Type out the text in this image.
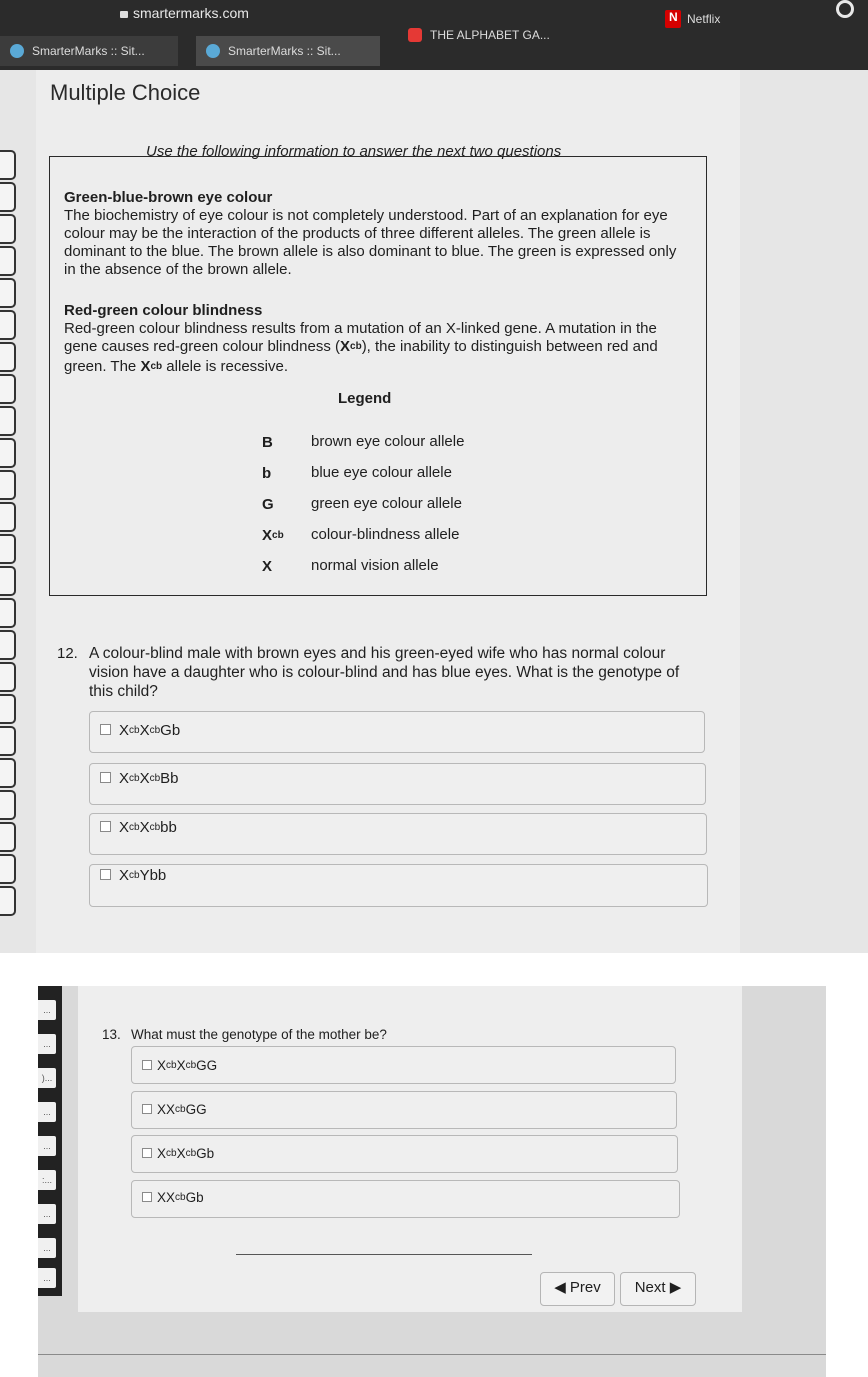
smartermarks.com
SmarterMarks :: Sit...	SmarterMarks :: Sit...
THE ALPHABET GA...
N Netflix
Multiple Choice
Use the following information to answer the next two questions
Green-blue-brown eye colour
The biochemistry of eye colour is not completely understood. Part of an explanation for eye colour may be the interaction of the products of three different alleles. The green allele is dominant to the blue. The brown allele is also dominant to blue. The green is expressed only in the absence of the brown allele.
Red-green colour blindness
Red-green colour blindness results from a mutation of an X-linked gene. A mutation in the gene causes red-green colour blindness $(X^{cb})$, the inability to distinguish between red and green. The $X^{cb}$ allele is recessive.
Legend
B	brown eye colour allele
b	blue eye colour allele
G	green eye colour allele
$X^{cb}$	colour-blindness allele
X	normal vision allele
12. A colour-blind male with brown eyes and his green-eyed wife who has normal colour vision have a daughter who is colour-blind and has blue eyes. What is the genotype of this child?
$X^{cb}X^{cb}Gb$
$X^{cb}X^{cb}Bb$
$X^{cb}X^{cb}bb$
$X^{cb}Ybb$
...
...
)...
...
...
:...
...
...
...
13. What must the genotype of the mother be?
$X^{cb}X^{cb}GG$
$XX^{cb}GG$
$X^{cb}X^{cb}Gb$
$XX^{cb}Gb$
◀ Prev	Next ▶
